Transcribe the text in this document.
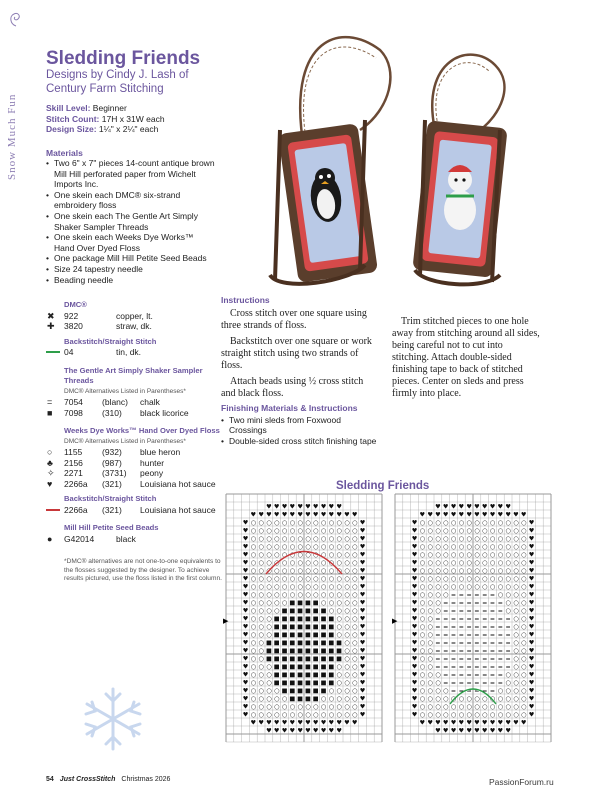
Snow Much Fun
Sledding Friends
Designs by Cindy J. Lash of Century Farm Stitching
Skill Level: Beginner
Stitch Count: 17H x 31W each
Design Size: 1¼" x 2¼" each
Materials
• Two 6" x 7" pieces 14-count antique brown Mill Hill perforated paper from Wichelt Imports Inc.
• One skein each DMC® six-strand embroidery floss
• One skein each The Gentle Art Simply Shaker Sampler Threads
• One skein each Weeks Dye Works™ Hand Over Dyed Floss
• One package Mill Hill Petite Seed Beads
• Size 24 tapestry needle
• Beading needle
DMC®
✖	922	copper, lt.
✚	3820	straw, dk.
Backstitch/Straight Stitch
04	tin, dk.
The Gentle Art Simply Shaker Sampler Threads
DMC® Alternatives Listed in Parentheses*
=	7054	(blanc)	chalk
■	7098	(310)	black licorice
Weeks Dye Works™ Hand Over Dyed Floss
DMC® Alternatives Listed in Parentheses*
○	1155	(932)	blue heron
♣	2156	(987)	hunter
✧	2271	(3731)	peony
♥	2266a	(321)	Louisiana hot sauce
Backstitch/Straight Stitch
2266a	(321)	Louisiana hot sauce
Mill Hill Petite Seed Beads
●	G42014	black
*DMC® alternatives are not one-to-one equivalents to the flosses suggested by the designer. To achieve results pictured, use the floss listed in the first column.
Instructions

Cross stitch over one square using three strands of floss.

Backstitch over one square or work straight stitch using two strands of floss.

Attach beads using ½ cross stitch and black floss.

Trim stitched pieces to one hole away from stitching around all sides, being careful not to cut into stitching. Attach double-sided finishing tape to back of stitched pieces. Center on sleds and press firmly into place.
Finishing Materials & Instructions
• Two mini sleds from Foxwood Crossings
• Double-sided cross stitch finishing tape
Sledding Friends
♥ ♥ ♥ ♥ ♥ ♥ ♥ ♥ ♥ ♥
♥ ♥ ♥ ♥ ♥ ♥ ♥ ♥ ♥ ♥ ♥ ♥ ♥ ♥
♥ ○ ○ ○ ○ ○ ○ ○ ○ ○ ○ ○ ○ ○ ○ ♥
♥ ○ ○ ○ ○ ○ ○ ○ ○ ○ ○ ○ ○ ○ ○ ♥
♥ ○ ○ ○ ○ ○ ○ ○ ○ ○ ○ ○ ○ ○ ○ ♥
♥ ○ ○ ○ ○ ○ ○ ○ ○ ○ ○ ○ ○ ○ ○ ♥
♥ ○ ○ ○ ○ ○ ○ ○ ○ ○ ○ ○ ○ ○ ○ ♥
♥ ○ ○ ○ ○ ○ ○ ○ ○ ○ ○ ○ ○ ○ ○ ♥
♥ ○ ○ ○ ○ ○ ○ ○ ○ ○ ○ ○ ○ ○ ○ ♥
♥ ○ ○ ○ ○ ○ ○ ○ ○ ○ ○ ○ ○ ○ ○ ♥
♥ ○ ○ ○ ○ ○ ○ ○ ○ ○ ○ ○ ○ ○ ○ ♥
♥ ○ ○ ○ ○ ○ ○ ○ ○ ○ ○ ○ ○ ○ ○ ♥
♥ ○ ○ ○ ○ ○ ■ ■ ■ ■ ○ ○ ○ ○ ○ ♥
♥ ○ ○ ○ ○ ■ ■ ■ ■ ■ ■ ○ ○ ○ ○ ♥
♥ ○ ○ ○ ■ ■ ■ ■ ■ ■ ■ ■ ○ ○ ○ ♥
♥ ○ ○ ○ ■ ■ ■ ■ ■ ■ ■ ■ ○ ○ ○ ♥
♥ ○ ○ ○ ■ ■ ■ ■ ■ ■ ■ ■ ○ ○ ○ ♥
♥ ○ ○ ■ ■ ■ ■ ■ ■ ■ ■ ■ ■ ○ ○ ♥
♥ ○ ○ ■ ■ ■ ■ ■ ■ ■ ■ ■ ■ ○ ○ ♥
♥ ○ ○ ■ ■ ■ ■ ■ ■ ■ ■ ■ ■ ○ ○ ♥
♥ ○ ○ ○ ■ ■ ■ ■ ■ ■ ■ ■ ○ ○ ○ ♥
♥ ○ ○ ○ ■ ■ ■ ■ ■ ■ ■ ■ ○ ○ ○ ♥
♥ ○ ○ ○ ■ ■ ■ ■ ■ ■ ■ ■ ○ ○ ○ ♥
♥ ○ ○ ○ ○ ■ ■ ■ ■ ■ ■ ○ ○ ○ ○ ♥
♥ ○ ○ ○ ○ ○ ■ ■ ■ ■ ○ ○ ○ ○ ○ ♥
♥ ○ ○ ○ ○ ○ ○ ○ ○ ○ ○ ○ ○ ○ ○ ♥
♥ ○ ○ ○ ○ ○ ○ ○ ○ ○ ○ ○ ○ ○ ○ ♥
♥ ♥ ♥ ♥ ♥ ♥ ♥ ♥ ♥ ♥ ♥ ♥ ♥ ♥
♥ ♥ ♥ ♥ ♥ ♥ ♥ ♥ ♥ ♥
▶
♥ ♥ ♥ ♥ ♥ ♥ ♥ ♥ ♥ ♥
♥ ♥ ♥ ♥ ♥ ♥ ♥ ♥ ♥ ♥ ♥ ♥ ♥ ♥
♥ ○ ○ ○ ○ ○ ○ ○ ○ ○ ○ ○ ○ ○ ○ ♥
♥ ○ ○ ○ ○ ○ ○ ○ ○ ○ ○ ○ ○ ○ ○ ♥
♥ ○ ○ ○ ○ ○ ○ ○ ○ ○ ○ ○ ○ ○ ○ ♥
♥ ○ ○ ○ ○ ○ ○ ○ ○ ○ ○ ○ ○ ○ ○ ♥
♥ ○ ○ ○ ○ ○ ○ ○ ○ ○ ○ ○ ○ ○ ○ ♥
♥ ○ ○ ○ ○ ○ ○ ○ ○ ○ ○ ○ ○ ○ ○ ♥
♥ ○ ○ ○ ○ ○ ○ ○ ○ ○ ○ ○ ○ ○ ○ ♥
♥ ○ ○ ○ ○ ○ ○ ○ ○ ○ ○ ○ ○ ○ ○ ♥
♥ ○ ○ ○ ○ ○ ○ ○ ○ ○ ○ ○ ○ ○ ○ ♥
♥ ○ ○ ○ ○ = = = = = = ○ ○ ○ ○ ♥
♥ ○ ○ ○ = = = = = = = = ○ ○ ○ ♥
♥ ○ ○ ○ = = = = = = = = ○ ○ ○ ♥
♥ ○ ○ = = = = = = = = = = ○ ○ ♥
♥ ○ ○ = = = = = = = = = = ○ ○ ♥
♥ ○ ○ = = = = = = = = = = ○ ○ ♥
♥ ○ ○ = = = = = = = = = = ○ ○ ♥
♥ ○ ○ = = = = = = = = = = ○ ○ ♥
♥ ○ ○ = = = = = = = = = = ○ ○ ♥
♥ ○ ○ = = = = = = = = = = ○ ○ ♥
♥ ○ ○ ○ = = = = = = = = ○ ○ ○ ♥
♥ ○ ○ ○ = = = = = = = = ○ ○ ○ ♥
♥ ○ ○ ○ ○ = = = = = = ○ ○ ○ ○ ♥
♥ ○ ○ ○ ○ ○ ○ ○ ○ ○ ○ ○ ○ ○ ○ ♥
♥ ○ ○ ○ ○ ○ ○ ○ ○ ○ ○ ○ ○ ○ ○ ♥
♥ ○ ○ ○ ○ ○ ○ ○ ○ ○ ○ ○ ○ ○ ○ ♥
♥ ♥ ♥ ♥ ♥ ♥ ♥ ♥ ♥ ♥ ♥ ♥ ♥ ♥
♥ ♥ ♥ ♥ ♥ ♥ ♥ ♥ ♥ ♥
▶
54 Just CrossStitch Christmas 2026	PassionForum.ru
